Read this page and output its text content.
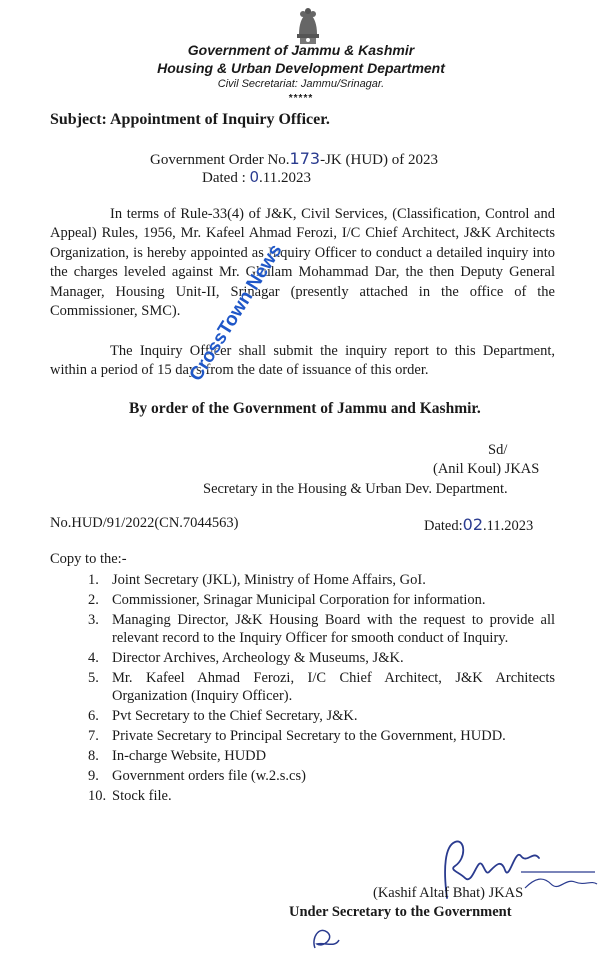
Government of Jammu & Kashmir
Housing & Urban Development Department
Civil Secretariat: Jammu/Srinagar.
*****
Subject: Appointment of Inquiry Officer.
Government Order No.173-JK (HUD) of 2023
Dated : 0.11.2023
In terms of Rule-33(4) of J&K, Civil Services, (Classification, Control and Appeal) Rules, 1956, Mr. Kafeel Ahmad Ferozi, I/C Chief Architect, J&K Architects Organization, is hereby appointed as Inquiry Officer to conduct a detailed inquiry into the charges leveled against Mr. Ghulam Mohammad Dar, the then Deputy General Manager, Housing Unit-II, Srinagar (presently attached in the office of the Commissioner, SMC).
The Inquiry Officer shall submit the inquiry report to this Department, within a period of 15 days from the date of issuance of this order.
By order of the Government of Jammu and Kashmir.
Sd/
(Anil Koul) JKAS
Secretary in the Housing & Urban Dev. Department.
No.HUD/91/2022(CN.7044563)	Dated:02.11.2023
Copy to the:-
1. Joint Secretary (JKL), Ministry of Home Affairs, GoI.
2. Commissioner, Srinagar Municipal Corporation for information.
3. Managing Director, J&K Housing Board with the request to provide all relevant record to the Inquiry Officer for smooth conduct of Inquiry.
4. Director Archives, Archeology & Museums, J&K.
5. Mr. Kafeel Ahmad Ferozi, I/C Chief Architect, J&K Architects Organization (Inquiry Officer).
6. Pvt Secretary to the Chief Secretary, J&K.
7. Private Secretary to Principal Secretary to the Government, HUDD.
8. In-charge Website, HUDD
9. Government orders file (w.2.s.cs)
10. Stock file.
(Kashif Altaf Bhat) JKAS
Under Secretary to the Government
CrossTown News
